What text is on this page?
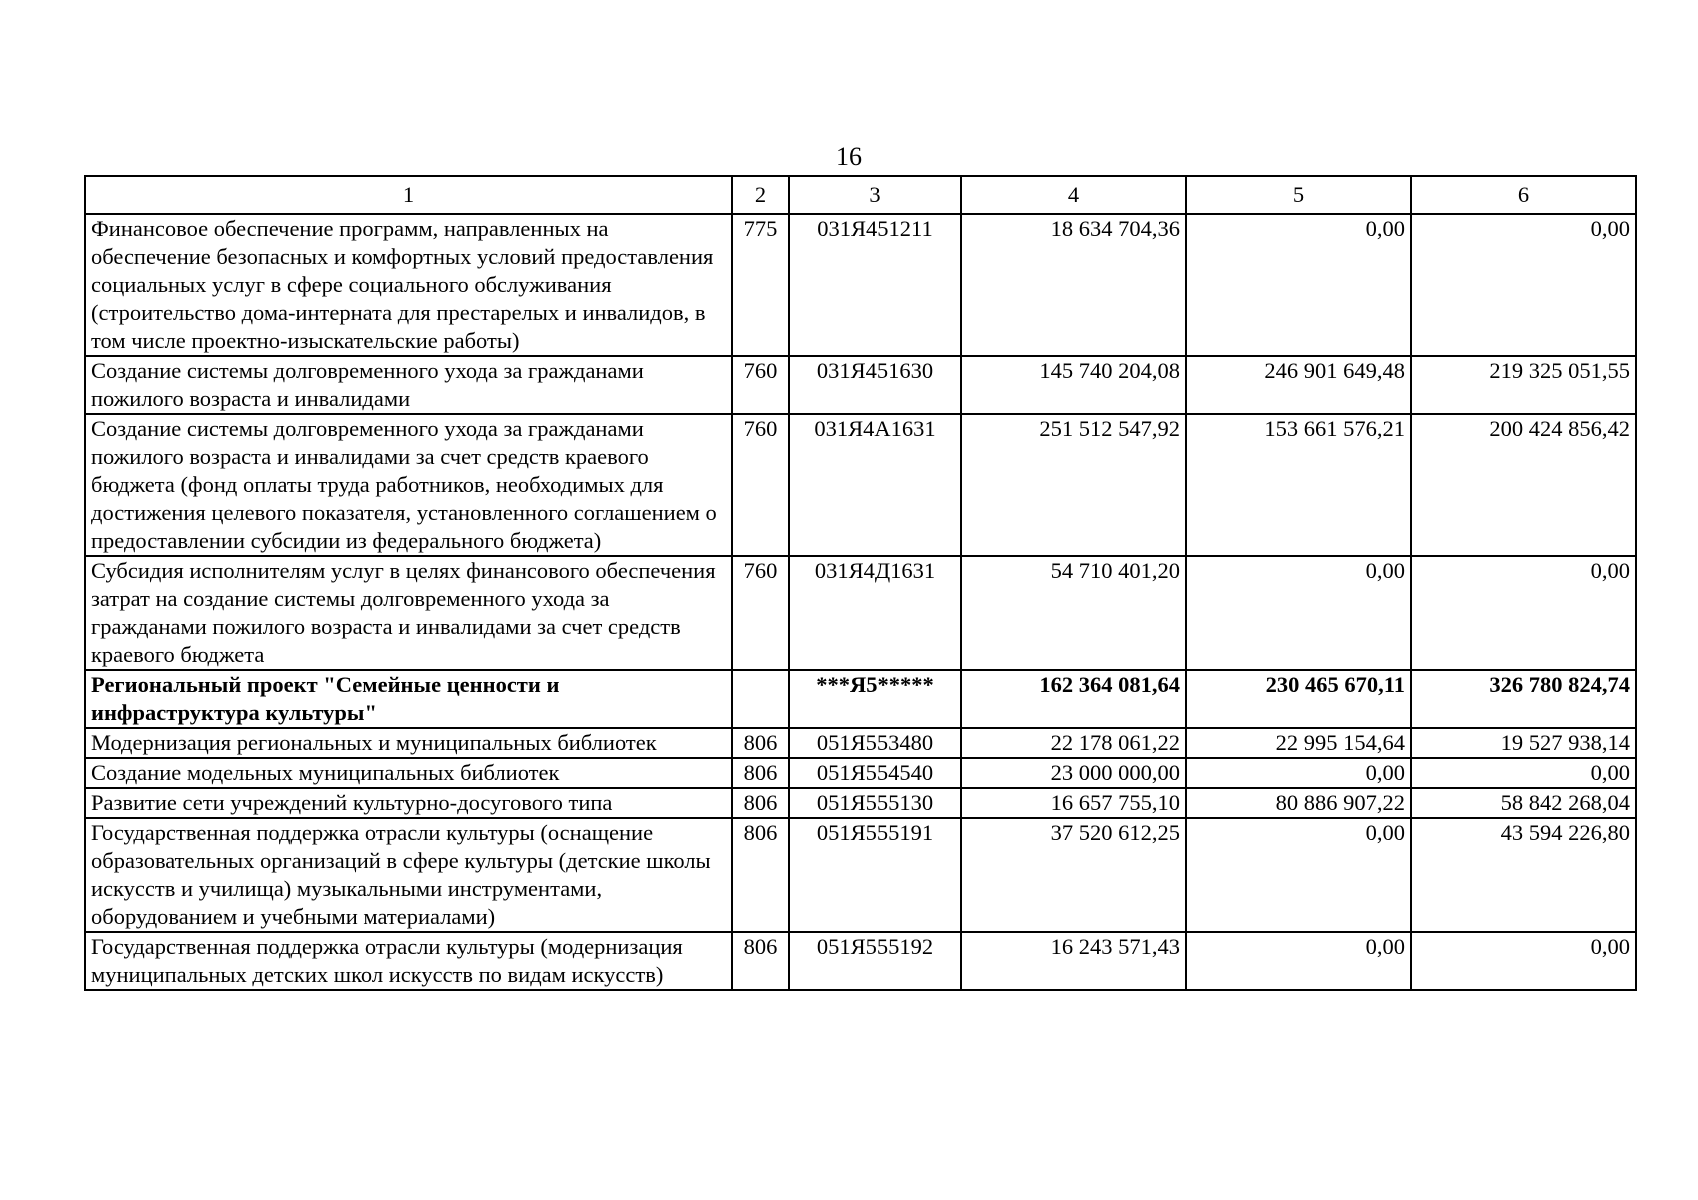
16
1	2	3	4	5	6
Финансовое обеспечение программ, направленных на обеспечение безопасных и комфортных условий предоставления социальных услуг в сфере социального обслуживания (строительство дома-интерната для престарелых и инвалидов, в том числе проектно-изыскательские работы)	775	031Я451211	18 634 704,36	0,00	0,00
Создание системы долговременного ухода за гражданами пожилого возраста и инвалидами	760	031Я451630	145 740 204,08	246 901 649,48	219 325 051,55
Создание системы долговременного ухода за гражданами пожилого возраста и инвалидами за счет средств краевого бюджета (фонд оплаты труда работников, необходимых для достижения целевого показателя, установленного соглашением о предоставлении субсидии из федерального бюджета)	760	031Я4А1631	251 512 547,92	153 661 576,21	200 424 856,42
Субсидия исполнителям услуг в целях финансового обеспечения затрат на создание системы долговременного ухода за гражданами пожилого возраста и инвалидами за счет средств краевого бюджета	760	031Я4Д1631	54 710 401,20	0,00	0,00
Региональный проект "Семейные ценности и инфраструктура культуры"		***Я5*****	162 364 081,64	230 465 670,11	326 780 824,74
Модернизация региональных и муниципальных библиотек	806	051Я553480	22 178 061,22	22 995 154,64	19 527 938,14
Создание модельных муниципальных библиотек	806	051Я554540	23 000 000,00	0,00	0,00
Развитие сети учреждений культурно-досугового типа	806	051Я555130	16 657 755,10	80 886 907,22	58 842 268,04
Государственная поддержка отрасли культуры (оснащение образовательных организаций в сфере культуры (детские школы искусств и училища) музыкальными инструментами, оборудованием и учебными материалами)	806	051Я555191	37 520 612,25	0,00	43 594 226,80
Государственная поддержка отрасли культуры (модернизация муниципальных детских школ искусств по видам искусств)	806	051Я555192	16 243 571,43	0,00	0,00
